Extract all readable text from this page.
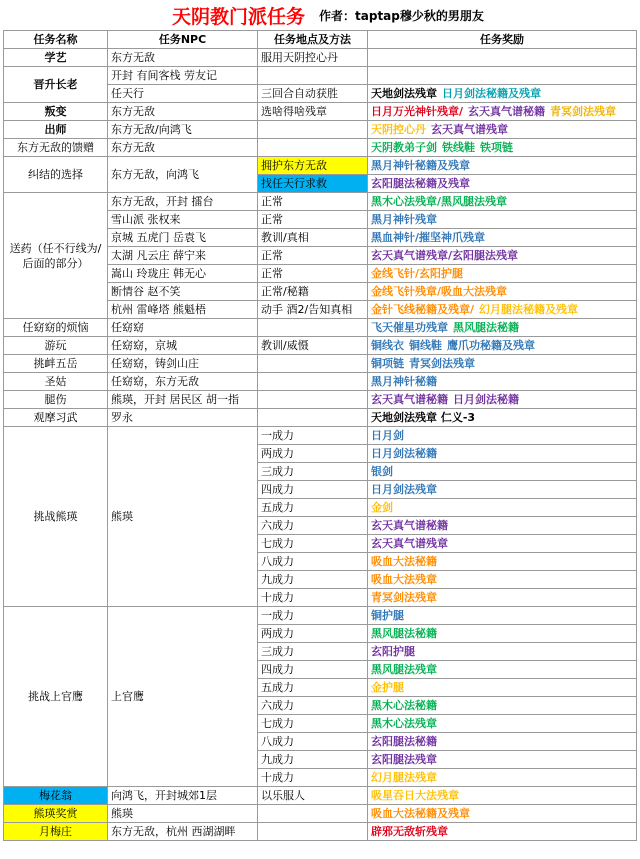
天阴教门派任务 作者：taptap穆少秋的男朋友
任务名称	任务NPC	任务地点及方法	任务奖励
学艺	东方无敌	服用天阴控心丹	
晋升长老	开封 有间客栈 劳友记		
	任天行	三回合自动获胜	天地剑法残章 日月剑法秘籍及残章
叛变	东方无敌	选啥得啥残章	日月万光神针残章/ 玄天真气谱秘籍 青冥剑法残章
出师	东方无敌/向鸿飞		天阴控心丹 玄天真气谱残章
东方无敌的馈赠	东方无敌		天阴教弟子剑 铁线鞋 铁项链
纠结的选择	东方无敌，向鸿飞	拥护东方无敌	黑月神针秘籍及残章
		找任天行求救	玄阳腿法秘籍及残章
送药（任不行线为/后面的部分）	东方无敌，开封 擂台	正常	黑木心法残章/黑风腿法残章
	雪山派 张权来	正常	黑月神针残章
	京城 五虎门 岳袁飞	教训/真相	黑血神针/摧坚神爪残章
	太湖 凡云庄 薛宁来	正常	玄天真气谱残章/玄阳腿法残章
	嵩山 玲珑庄 韩无心	正常	金线飞针/玄阳护腿
	断情谷 赵不笑	正常/秘籍	金线飞针残章/吸血大法残章
	杭州 雷峰塔 熊魁梧	动手 酒2/告知真相	金针飞线秘籍及残章/ 幻月腿法秘籍及残章
任窈窈的烦恼	任窈窈		飞天催星功残章 黑风腿法秘籍
游玩	任窈窈，京城	教训/威慑	铜线衣 铜线鞋 鹰爪功秘籍及残章
挑衅五岳	任窈窈，铸剑山庄		铜项链 青冥剑法残章
圣姑	任窈窈，东方无敌		黑月神针秘籍
腿伤	熊瑛，开封 居民区 胡一指		玄天真气谱秘籍 日月剑法秘籍
观摩习武	罗永		天地剑法残章 仁义-3
挑战熊瑛	熊瑛	一成力	日月剑
		两成力	日月剑法秘籍
		三成力	银剑
		四成力	日月剑法残章
		五成力	金剑
		六成力	玄天真气谱秘籍
		七成力	玄天真气谱残章
		八成力	吸血大法秘籍
		九成力	吸血大法残章
		十成力	青冥剑法残章
挑战上官鹰	上官鹰	一成力	铜护腿
		两成力	黑风腿法秘籍
		三成力	玄阳护腿
		四成力	黑风腿法残章
		五成力	金护腿
		六成力	黑木心法秘籍
		七成力	黑木心法残章
		八成力	玄阳腿法秘籍
		九成力	玄阳腿法残章
		十成力	幻月腿法残章
梅花翁	向鸿飞，开封城郊1层	以乐服人	吸星吞日大法残章
熊瑛奖赏	熊瑛		吸血大法秘籍及残章
月梅庄	东方无敌，杭州 西湖湖畔		辟邪无敌斩残章
